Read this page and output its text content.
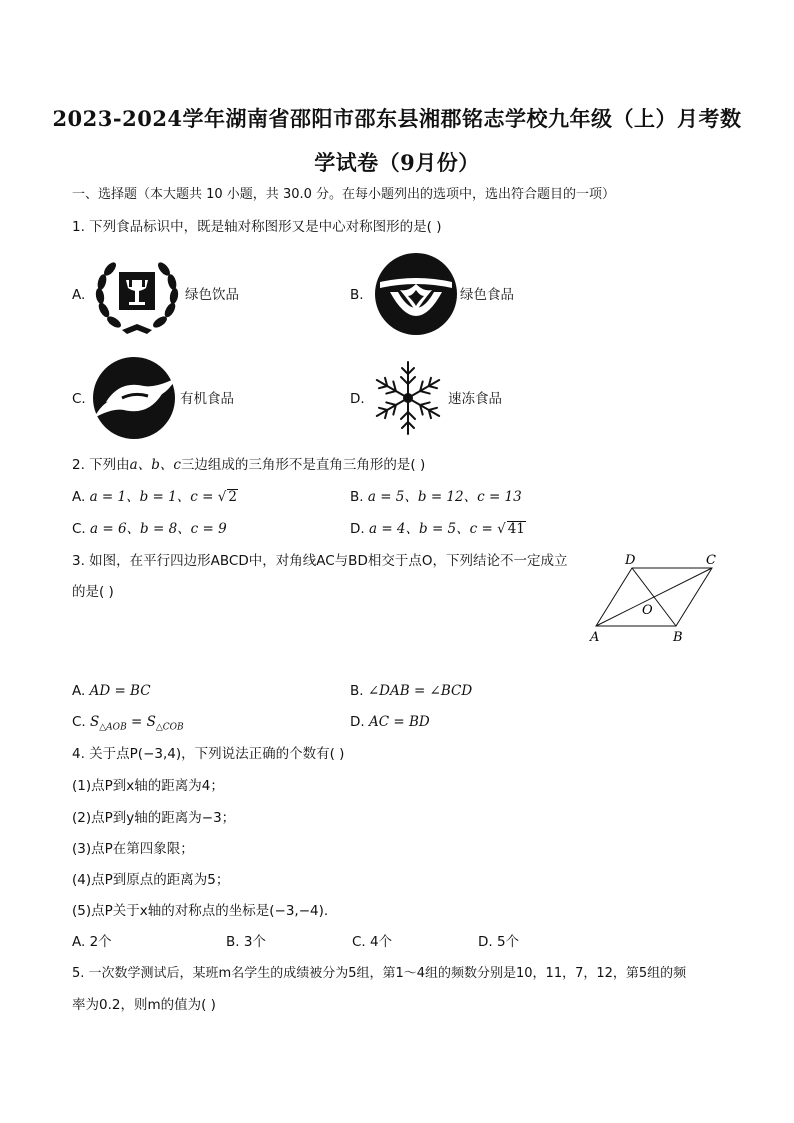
2023-2024学年湖南省邵阳市邵东县湘郡铭志学校九年级（上）月考数
学试卷（9月份）
一、选择题（本大题共 10 小题，共 30.0 分。在每小题列出的选项中，选出符合题目的一项）
1. 下列食品标识中，既是轴对称图形又是中心对称图形的是( )
A.	绿色饮品	B.	绿色食品
C.	有机食品	D.	速冻食品
2. 下列由a、b、c三边组成的三角形不是直角三角形的是( )
A. a = 1、b = 1、c = √ 2	B. a = 5、b = 12、c = 13
C. a = 6、b = 8、c = 9	D. a = 4、b = 5、c = √ 41
3. 如图，在平行四边形ABCD中，对角线AC与BD相交于点O，下列结论不一定成立
的是( )
A	B
C
D
O
A. AD = BC	B. ∠DAB = ∠BCD
C. $S_{\triangle AOB} = S_{\triangle COB}$	D. AC = BD
4. 关于点P(−3,4)，下列说法正确的个数有( )
(1)点P到x轴的距离为4；
(2)点P到y轴的距离为−3；
(3)点P在第四象限；
(4)点P到原点的距离为5；
(5)点P关于x轴的对称点的坐标是(−3,−4).
A. 2个	B. 3个	C. 4个	D. 5个
5. 一次数学测试后，某班m名学生的成绩被分为5组，第1～4组的频数分别是10，11，7，12，第5组的频
率为0.2，则m的值为( )
